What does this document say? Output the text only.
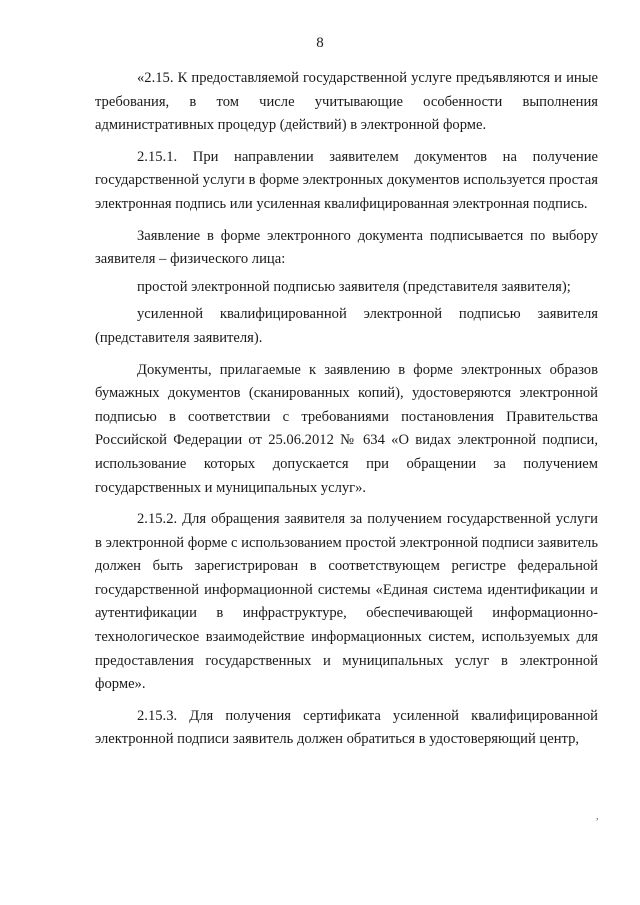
8

«2.15. К предоставляемой государственной услуге предъявляются и иные требования, в том числе учитывающие особенности выполнения административных процедур (действий) в электронной форме.

2.15.1. При направлении заявителем документов на получение государственной услуги в форме электронных документов используется простая электронная подпись или усиленная квалифицированная электронная подпись.

Заявление в форме электронного документа подписывается по выбору заявителя – физического лица:

простой электронной подписью заявителя (представителя заявителя);

усиленной квалифицированной электронной подписью заявителя (представителя заявителя).

Документы, прилагаемые к заявлению в форме электронных образов бумажных документов (сканированных копий), удостоверяются электронной подписью в соответствии с требованиями постановления Правительства Российской Федерации от 25.06.2012 № 634 «О видах электронной подписи, использование которых допускается при обращении за получением государственных и муниципальных услуг».

2.15.2. Для обращения заявителя за получением государственной услуги в электронной форме с использованием простой электронной подписи заявитель должен быть зарегистрирован в соответствующем регистре федеральной государственной информационной системы «Единая система идентификации и аутентификации в инфраструктуре, обеспечивающей информационно-технологическое взаимодействие информационных систем, используемых для предоставления государственных и муниципальных услуг в электронной форме».

2.15.3. Для получения сертификата усиленной квалифицированной электронной подписи заявитель должен обратиться в удостоверяющий центр,

,
